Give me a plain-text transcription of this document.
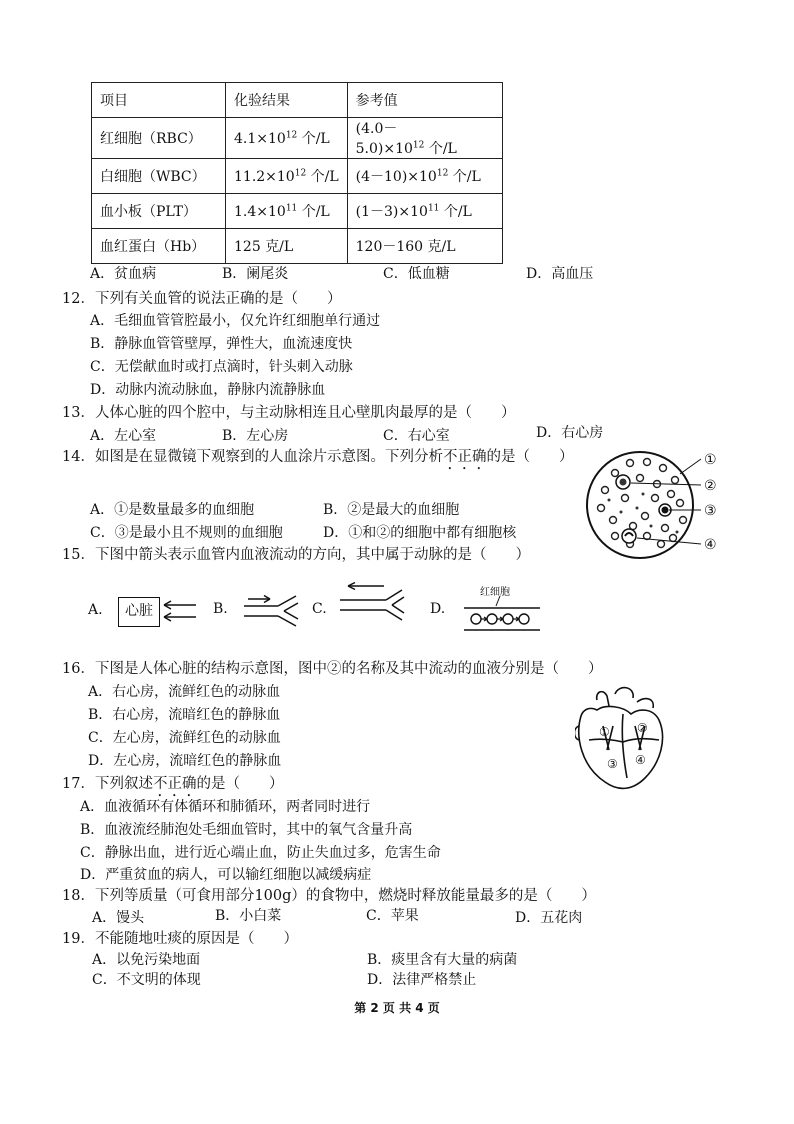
项目	化验结果	参考值
红细胞（RBC）	$4.1\times 10^{12}$ 个/L	$(4.0-5.0)\times 10^{12}$ 个/L
白细胞（WBC）	$11.2\times 10^{12}$ 个/L	$(4-10)\times 10^{12}$ 个/L
血小板（PLT）	$1.4\times 10^{11}$ 个/L	$(1-3)\times 10^{11}$ 个/L
血红蛋白（Hb）	125 克/L	120－160 克/L
A．贫血病	B．阑尾炎	C．低血糖	D．高血压
12．下列有关血管的说法正确的是（　　）
A．毛细血管管腔最小，仅允许红细胞单行通过
B．静脉血管管壁厚，弹性大，血流速度快
C．无偿献血时或打点滴时，针头刺入动脉
D．动脉内流动脉血，静脉内流静脉血
13．人体心脏的四个腔中，与主动脉相连且心壁肌肉最厚的是（　　）
A．左心室	B．左心房	C．右心室	D．右心房
14．如图是在显微镜下观察到的人血涂片示意图。下列分析不正确的是（　　）
A．①是数量最多的血细胞	B．②是最大的血细胞
C．③是最小且不规则的血细胞	D．①和②的细胞中都有细胞核
①
②
③
④
15．下图中箭头表示血管内血液流动的方向，其中属于动脉的是（　　）
A.	B.	C.	D.
心脏
红细胞
16．下图是人体心脏的结构示意图，图中②的名称及其中流动的血液分别是（　　）
A．右心房，流鲜红色的动脉血
B．右心房，流暗红色的静脉血
C．左心房，流鲜红色的动脉血
D．左心房，流暗红色的静脉血
① ②
③ ④
17．下列叙述不正确的是（　　）
A．血液循环有体循环和肺循环，两者同时进行
B．血液流经肺泡处毛细血管时，其中的氧气含量升高
C．静脉出血，进行近心端止血，防止失血过多，危害生命
D．严重贫血的病人，可以输红细胞以减缓病症
18．下列等质量（可食用部分100g）的食物中，燃烧时释放能量最多的是（　　）
A．馒头	B．小白菜	C．苹果	D．五花肉
19．不能随地吐痰的原因是（　　）
A．以免污染地面	B．痰里含有大量的病菌
C．不文明的体现	D．法律严格禁止
第 2 页 共 4 页
